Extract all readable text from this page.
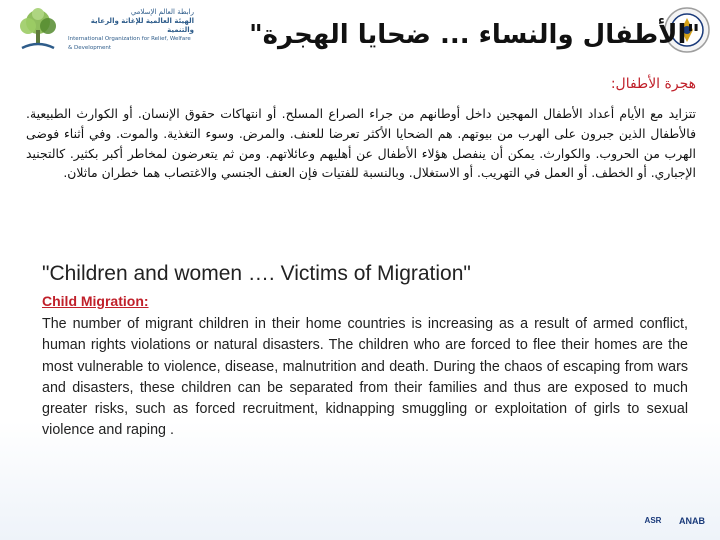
رابطة العالم الإسلامي
الهيئة العالمية للإغاثة والرعاية والتنمية
International Organization for Relief, Welfare & Development	"الأطفال والنساء ... ضحايا الهجرة"
هجرة الأطفال:
تتزايد مع الأيام أعداد الأطفال المهجين داخل أوطانهم من جراء الصراع المسلح. أو انتهاكات حقوق الإنسان. أو الكوارث الطبيعية. فالأطفال الذين جبرون على الهرب من بيوتهم. هم الضحايا الأكثر تعرضا للعنف. والمرض. وسوء التغذية. والموت. وفي أثناء فوضى الهرب من الحروب. والكوارث. يمكن أن ينفصل هؤلاء الأطفال عن أهليهم وعائلاتهم. ومن ثم يتعرضون لمخاطر أكبر بكثير. كالتجنيد الإجباري. أو الخطف. أو العمل في التهريب. أو الاستغلال. وبالنسبة للفتيات فإن العنف الجنسي والاغتصاب هما خطران ماثلان.
"Children and women …. Victims of Migration"
Child Migration:
The number of migrant children in their home countries is increasing as a result of armed conflict, human rights violations or natural disasters. The children who are forced to flee their homes are the most vulnerable to violence, disease, malnutrition and death. During the chaos of escaping from wars and disasters, these children can be separated from their families and thus are exposed to much greater risks, such as forced recruitment, kidnapping smuggling or exploitation of girls to sexual violence and raping .
ASR	ANAB
